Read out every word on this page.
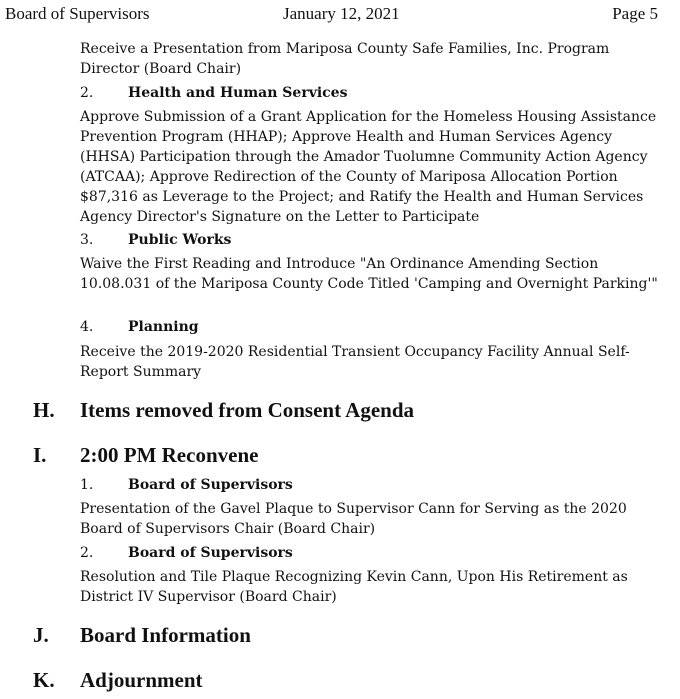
Board of Supervisors	January 12, 2021	Page 5

Receive a Presentation from Mariposa County Safe Families, Inc. Program Director (Board Chair)

2. Health and Human Services

Approve Submission of a Grant Application for the Homeless Housing Assistance Prevention Program (HHAP); Approve Health and Human Services Agency (HHSA) Participation through the Amador Tuolumne Community Action Agency (ATCAA); Approve Redirection of the County of Mariposa Allocation Portion $87,316 as Leverage to the Project; and Ratify the Health and Human Services Agency Director's Signature on the Letter to Participate

3. Public Works

Waive the First Reading and Introduce "An Ordinance Amending Section 10.08.031 of the Mariposa County Code Titled 'Camping and Overnight Parking'"

4. Planning

Receive the 2019-2020 Residential Transient Occupancy Facility Annual Self-Report Summary

H. Items removed from Consent Agenda
I. 2:00 PM Reconvene
1. Board of Supervisors

Presentation of the Gavel Plaque to Supervisor Cann for Serving as the 2020 Board of Supervisors Chair (Board Chair)

2. Board of Supervisors

Resolution and Tile Plaque Recognizing Kevin Cann, Upon His Retirement as District IV Supervisor (Board Chair)

J. Board Information
K. Adjournment
